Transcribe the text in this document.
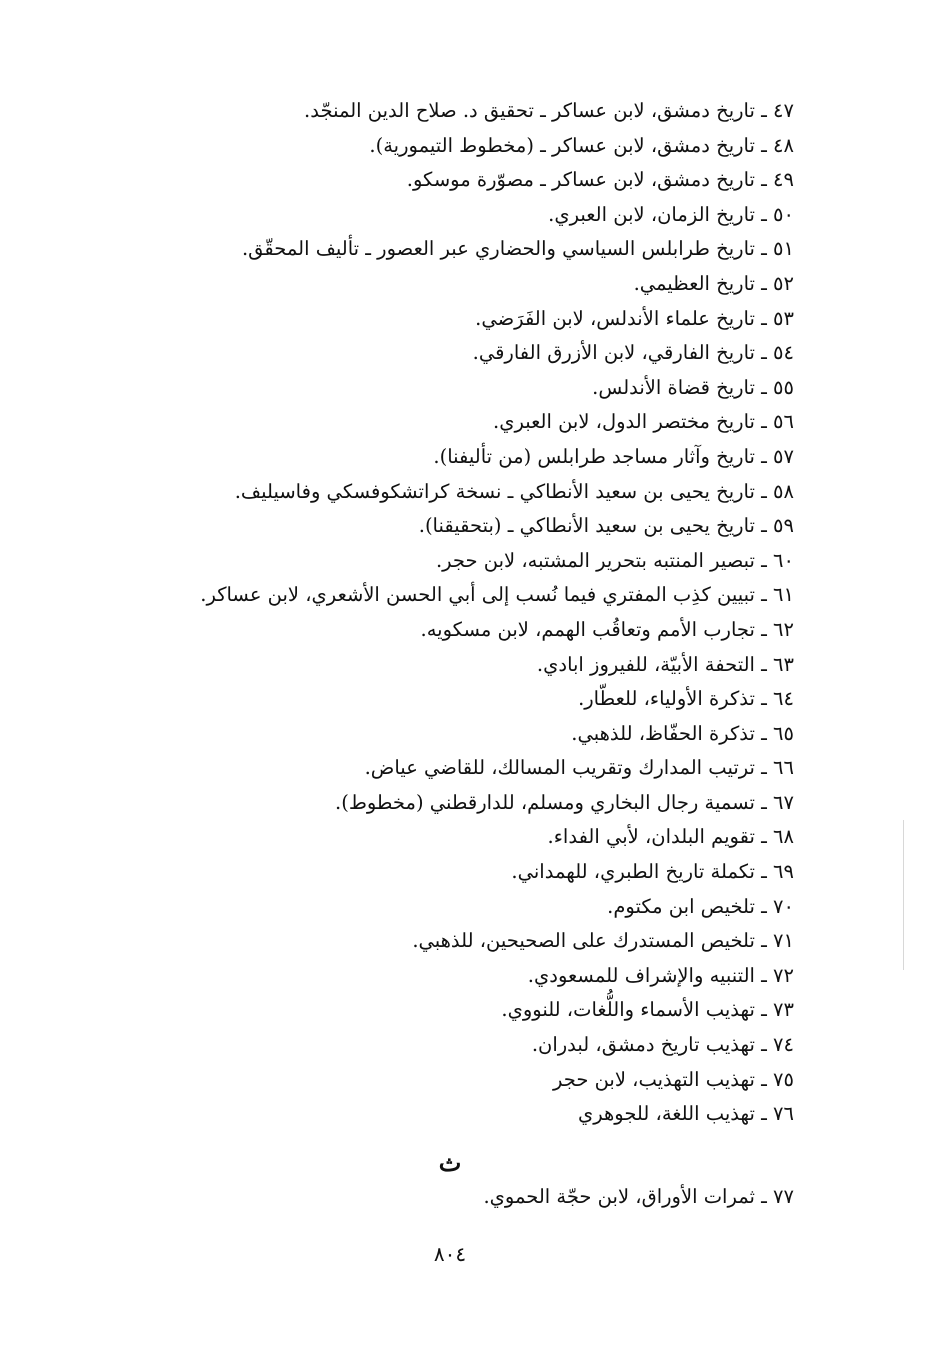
٤٧ ـ تاريخ دمشق، لابن عساكر ـ تحقيق د. صلاح الدين المنجّد.
٤٨ ـ تاريخ دمشق، لابن عساكر ـ (مخطوط التيمورية).
٤٩ ـ تاريخ دمشق، لابن عساكر ـ مصوّرة موسكو.
٥٠ ـ تاريخ الزمان، لابن العبري.
٥١ ـ تاريخ طرابلس السياسي والحضاري عبر العصور ـ تأليف المحقّق.
٥٢ ـ تاريخ العظيمي.
٥٣ ـ تاريخ علماء الأندلس، لابن الفَرَضي.
٥٤ ـ تاريخ الفارقي، لابن الأزرق الفارقي.
٥٥ ـ تاريخ قضاة الأندلس.
٥٦ ـ تاريخ مختصر الدول، لابن العبري.
٥٧ ـ تاريخ وآثار مساجد طرابلس (من تأليفنا).
٥٨ ـ تاريخ يحيى بن سعيد الأنطاكي ـ نسخة كراتشكوفسكي وفاسيليف.
٥٩ ـ تاريخ يحيى بن سعيد الأنطاكي ـ (بتحقيقنا).
٦٠ ـ تبصير المنتبه بتحرير المشتبه، لابن حجر.
٦١ ـ تبيين كذِب المفتري فيما نُسب إلى أبي الحسن الأشعري، لابن عساكر.
٦٢ ـ تجارب الأمم وتعاقُب الهمم، لابن مسكويه.
٦٣ ـ التحفة الأبيّة، للفيروز ابادي.
٦٤ ـ تذكرة الأولياء، للعطّار.
٦٥ ـ تذكرة الحفّاظ، للذهبي.
٦٦ ـ ترتيب المدارك وتقريب المسالك، للقاضي عياض.
٦٧ ـ تسمية رجال البخاري ومسلم، للدارقطني (مخطوط).
٦٨ ـ تقويم البلدان، لأبي الفداء.
٦٩ ـ تكملة تاريخ الطبري، للهمداني.
٧٠ ـ تلخيص ابن مكتوم.
٧١ ـ تلخيص المستدرك على الصحيحين، للذهبي.
٧٢ ـ التنبيه والإشراف للمسعودي.
٧٣ ـ تهذيب الأسماء واللُّغات، للنووي.
٧٤ ـ تهذيب تاريخ دمشق، لبدران.
٧٥ ـ تهذيب التهذيب، لابن حجر
٧٦ ـ تهذيب اللغة، للجوهري
ث
٧٧ ـ ثمرات الأوراق، لابن حجّة الحموي.
٨٠٤
